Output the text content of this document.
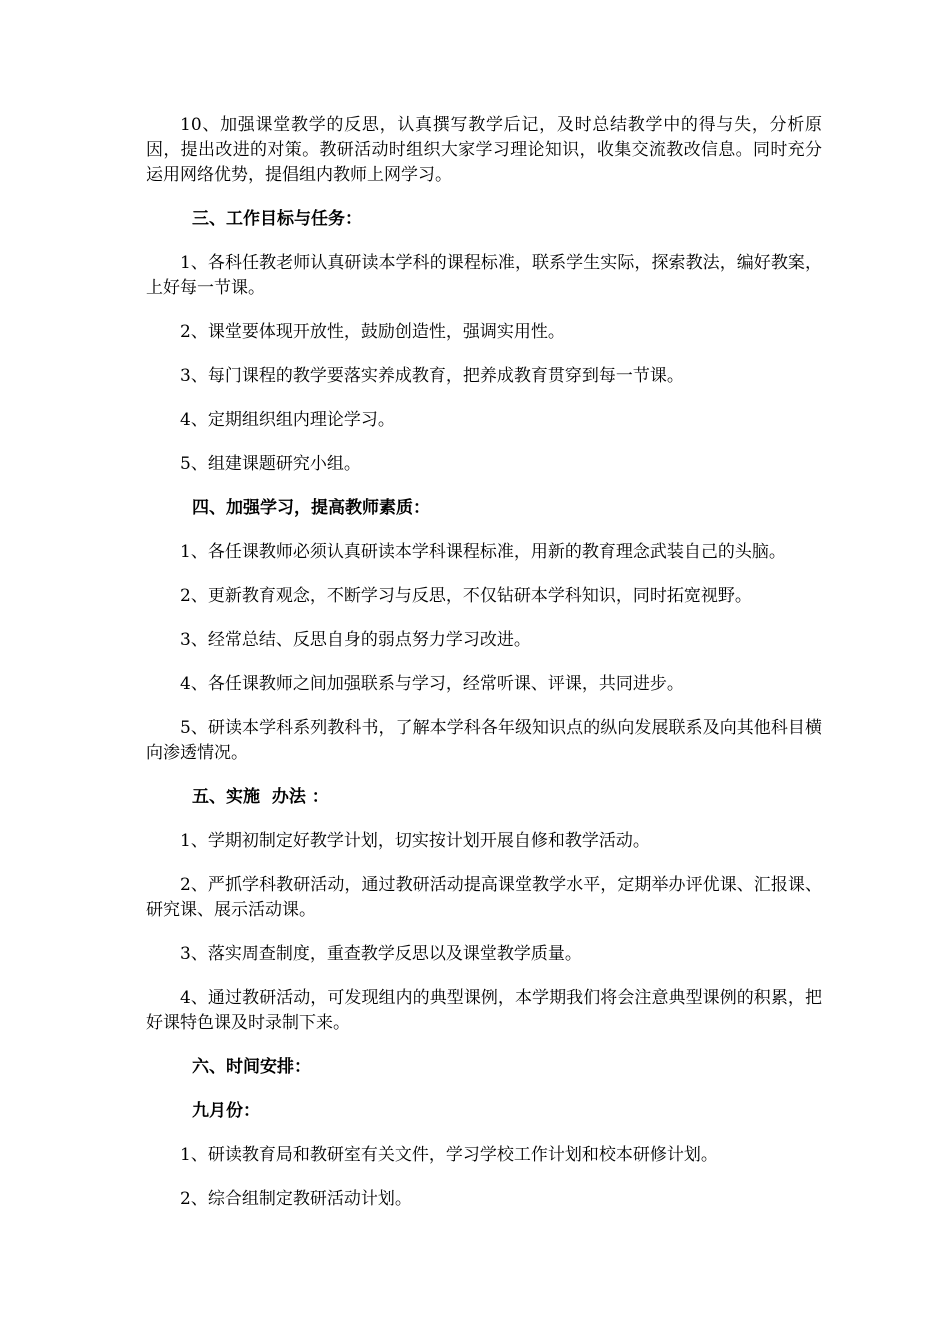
10、加强课堂教学的反思，认真撰写教学后记，及时总结教学中的得与失，分析原因，提出改进的对策。教研活动时组织大家学习理论知识，收集交流教改信息。同时充分运用网络优势，提倡组内教师上网学习。

三、工作目标与任务：

1、各科任教老师认真研读本学科的课程标准，联系学生实际，探索教法，编好教案，上好每一节课。

2、课堂要体现开放性，鼓励创造性，强调实用性。

3、每门课程的教学要落实养成教育，把养成教育贯穿到每一节课。

4、定期组织组内理论学习。

5、组建课题研究小组。

四、加强学习，提高教师素质：

1、各任课教师必须认真研读本学科课程标准，用新的教育理念武装自己的头脑。

2、更新教育观念，不断学习与反思，不仅钻研本学科知识，同时拓宽视野。

3、经常总结、反思自身的弱点努力学习改进。

4、各任课教师之间加强联系与学习，经常听课、评课，共同进步。

5、研读本学科系列教科书，了解本学科各年级知识点的纵向发展联系及向其他科目横向渗透情况。

五、实施  办法 ：

1、学期初制定好教学计划，切实按计划开展自修和教学活动。

2、严抓学科教研活动，通过教研活动提高课堂教学水平，定期举办评优课、汇报课、研究课、展示活动课。

3、落实周查制度，重查教学反思以及课堂教学质量。

4、通过教研活动，可发现组内的典型课例，本学期我们将会注意典型课例的积累，把好课特色课及时录制下来。

六、时间安排：

九月份：

1、研读教育局和教研室有关文件，学习学校工作计划和校本研修计划。

2、综合组制定教研活动计划。
